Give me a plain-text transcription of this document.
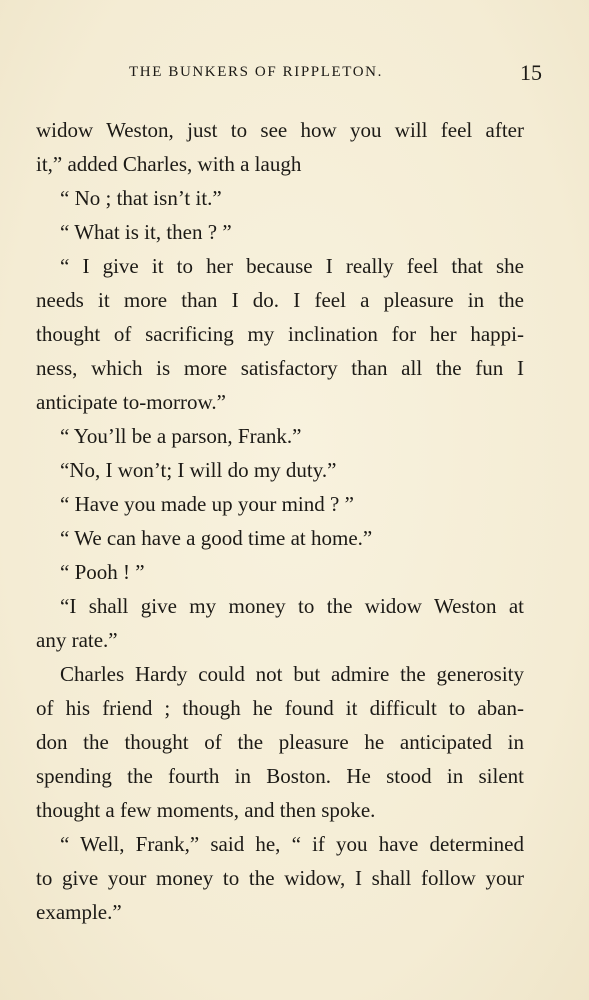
THE BUNKERS OF RIPPLETON.	15
widow Weston, just to see how you will feel after
it,” added Charles, with a laugh
“ No ; that isn’t it.”
“ What is it, then ? ”
“ I give it to her because I really feel that she
needs it more than I do. I feel a pleasure in the
thought of sacrificing my inclination for her happi-
ness, which is more satisfactory than all the fun I
anticipate to-morrow.”
“ You’ll be a parson, Frank.”
“No, I won’t; I will do my duty.”
“ Have you made up your mind ? ”
“ We can have a good time at home.”
“ Pooh ! ”
“I shall give my money to the widow Weston at
any rate.”
Charles Hardy could not but admire the generosity
of his friend ; though he found it difficult to aban-
don the thought of the pleasure he anticipated in
spending the fourth in Boston. He stood in silent
thought a few moments, and then spoke.
“ Well, Frank,” said he, “ if you have determined
to give your money to the widow, I shall follow your
example.”
